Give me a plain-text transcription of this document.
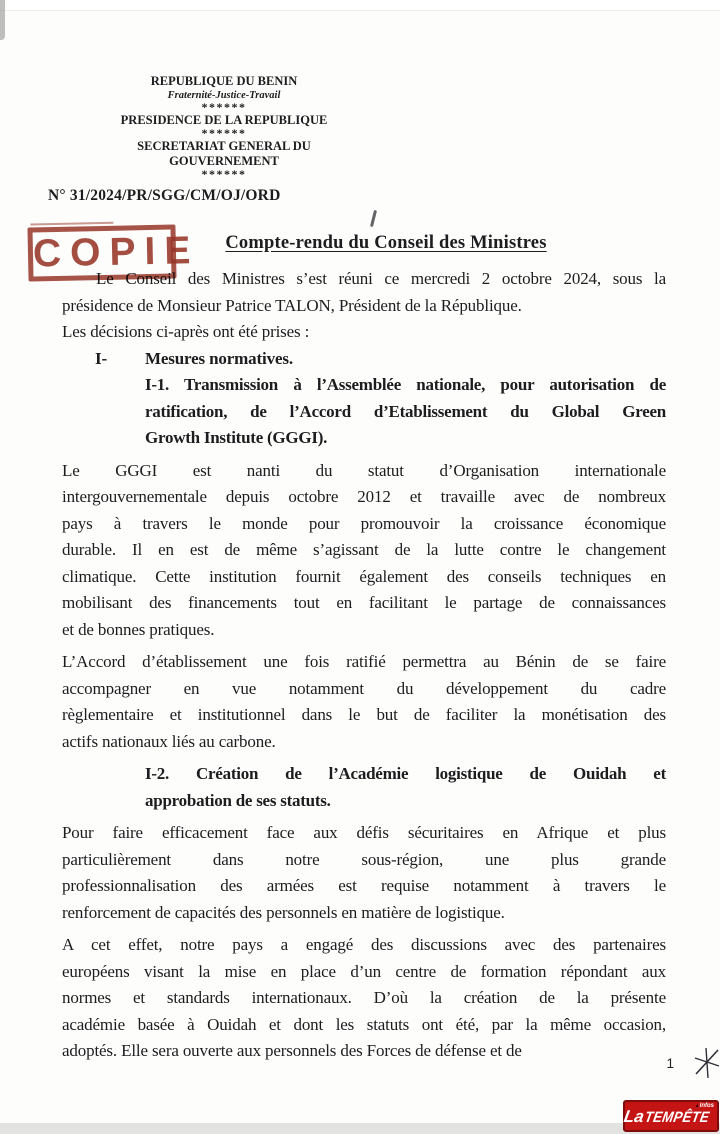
REPUBLIQUE DU BENIN
Fraternité-Justice-Travail
******
PRESIDENCE DE LA REPUBLIQUE
******
SECRETARIAT GENERAL DU
GOUVERNEMENT
******
N° 31/2024/PR/SGG/CM/OJ/ORD
Compte-rendu du Conseil des Ministres
Le Conseil des Ministres s’est réuni ce mercredi 2 octobre 2024, sous la
présidence de Monsieur Patrice TALON, Président de la République.
Les décisions ci-après ont été prises :
I- Mesures normatives.
I-1. Transmission à l’Assemblée nationale, pour autorisation de
ratification, de l’Accord d’Etablissement du Global Green
Growth Institute (GGGI).
Le GGGI est nanti du statut d’Organisation internationale
intergouvernementale depuis octobre 2012 et travaille avec de nombreux
pays à travers le monde pour promouvoir la croissance économique
durable. Il en est de même s’agissant de la lutte contre le changement
climatique. Cette institution fournit également des conseils techniques en
mobilisant des financements tout en facilitant le partage de connaissances
et de bonnes pratiques.
L’Accord d’établissement une fois ratifié permettra au Bénin de se faire
accompagner en vue notamment du développement du cadre
règlementaire et institutionnel dans le but de faciliter la monétisation des
actifs nationaux liés au carbone.
I-2. Création de l’Académie logistique de Ouidah et
approbation de ses statuts.
Pour faire efficacement face aux défis sécuritaires en Afrique et plus
particulièrement dans notre sous-région, une plus grande
professionnalisation des armées est requise notamment à travers le
renforcement de capacités des personnels en matière de logistique.
A cet effet, notre pays a engagé des discussions avec des partenaires
européens visant la mise en place d’un centre de formation répondant aux
normes et standards internationaux. D’où la création de la présente
académie basée à Ouidah et dont les statuts ont été, par la même occasion,
adoptés. Elle sera ouverte aux personnels des Forces de défense et de
COPIE
1
▲Infos
LaTEMPÊTE
